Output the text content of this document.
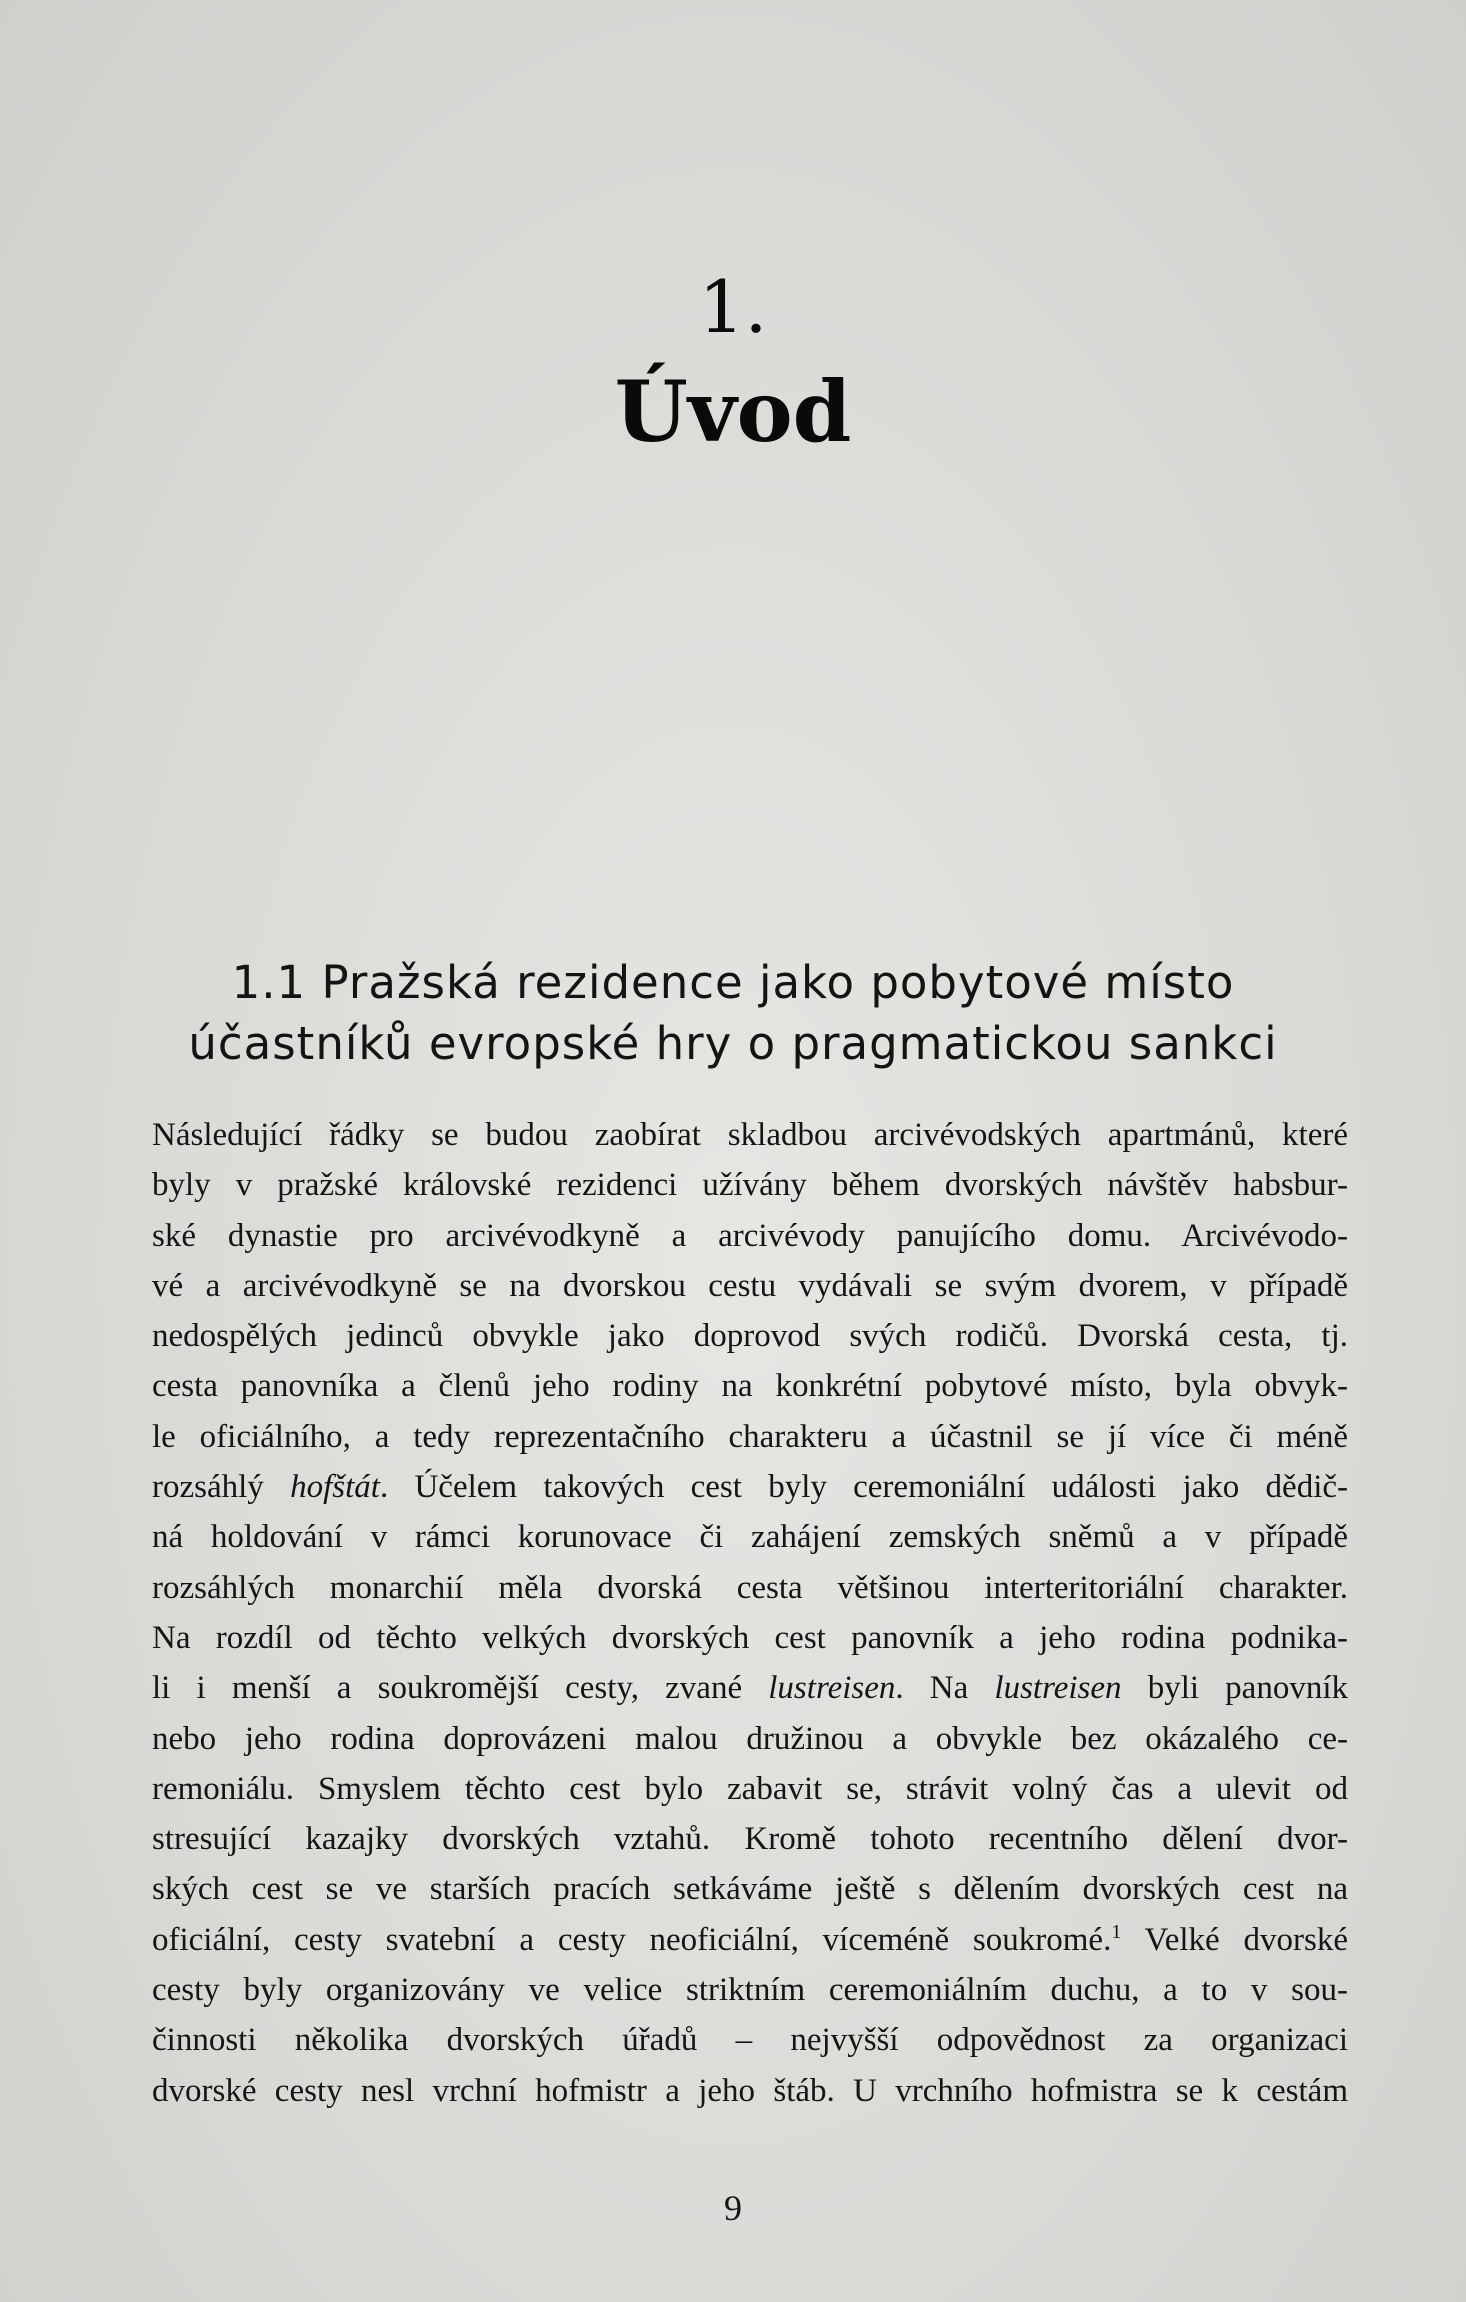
1.
Úvod
1.1 Pražská rezidence jako pobytové místo
účastníků evropské hry o pragmatickou sankci
Následující řádky se budou zaobírat skladbou arcivévodských apartmánů, které
byly v pražské královské rezidenci užívány během dvorských návštěv habsbur-
ské dynastie pro arcivévodkyně a arcivévody panujícího domu. Arcivévodo-
vé a arcivévodkyně se na dvorskou cestu vydávali se svým dvorem, v případě
nedospělých jedinců obvykle jako doprovod svých rodičů. Dvorská cesta, tj.
cesta panovníka a členů jeho rodiny na konkrétní pobytové místo, byla obvyk-
le oficiálního, a tedy reprezentačního charakteru a účastnil se jí více či méně
rozsáhlý hofštát. Účelem takových cest byly ceremoniální události jako dědič-
ná holdování v rámci korunovace či zahájení zemských sněmů a v případě
rozsáhlých monarchií měla dvorská cesta většinou interteritoriální charakter.
Na rozdíl od těchto velkých dvorských cest panovník a jeho rodina podnika-
li i menší a soukromější cesty, zvané lustreisen. Na lustreisen byli panovník
nebo jeho rodina doprovázeni malou družinou a obvykle bez okázalého ce-
remoniálu. Smyslem těchto cest bylo zabavit se, strávit volný čas a ulevit od
stresující kazajky dvorských vztahů. Kromě tohoto recentního dělení dvor-
ských cest se ve starších pracích setkáváme ještě s dělením dvorských cest na
oficiální, cesty svatební a cesty neoficiální, víceméně soukromé.$^1$ Velké dvorské
cesty byly organizovány ve velice striktním ceremoniálním duchu, a to v sou-
činnosti několika dvorských úřadů – nejvyšší odpovědnost za organizaci
dvorské cesty nesl vrchní hofmistr a jeho štáb. U vrchního hofmistra se k cestám
9
